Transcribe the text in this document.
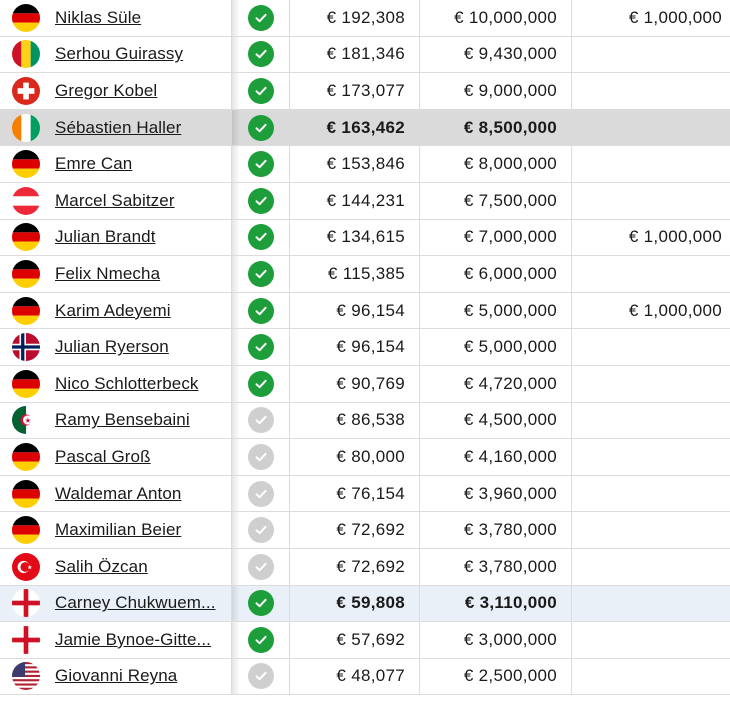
Niklas Süle	€ 192,308	€ 10,000,000	€ 1,000,000
Serhou Guirassy	€ 181,346	€ 9,430,000
Gregor Kobel	€ 173,077	€ 9,000,000
Sébastien Haller	€ 163,462	€ 8,500,000
Emre Can	€ 153,846	€ 8,000,000
Marcel Sabitzer	€ 144,231	€ 7,500,000
Julian Brandt	€ 134,615	€ 7,000,000	€ 1,000,000
Felix Nmecha	€ 115,385	€ 6,000,000
Karim Adeyemi	€ 96,154	€ 5,000,000	€ 1,000,000
Julian Ryerson	€ 96,154	€ 5,000,000
Nico Schlotterbeck	€ 90,769	€ 4,720,000
Ramy Bensebaini	€ 86,538	€ 4,500,000
Pascal Groß	€ 80,000	€ 4,160,000
Waldemar Anton	€ 76,154	€ 3,960,000
Maximilian Beier	€ 72,692	€ 3,780,000
Salih Özcan	€ 72,692	€ 3,780,000
Carney Chukwuem...	€ 59,808	€ 3,110,000
Jamie Bynoe-Gitte...	€ 57,692	€ 3,000,000
Giovanni Reyna	€ 48,077	€ 2,500,000
